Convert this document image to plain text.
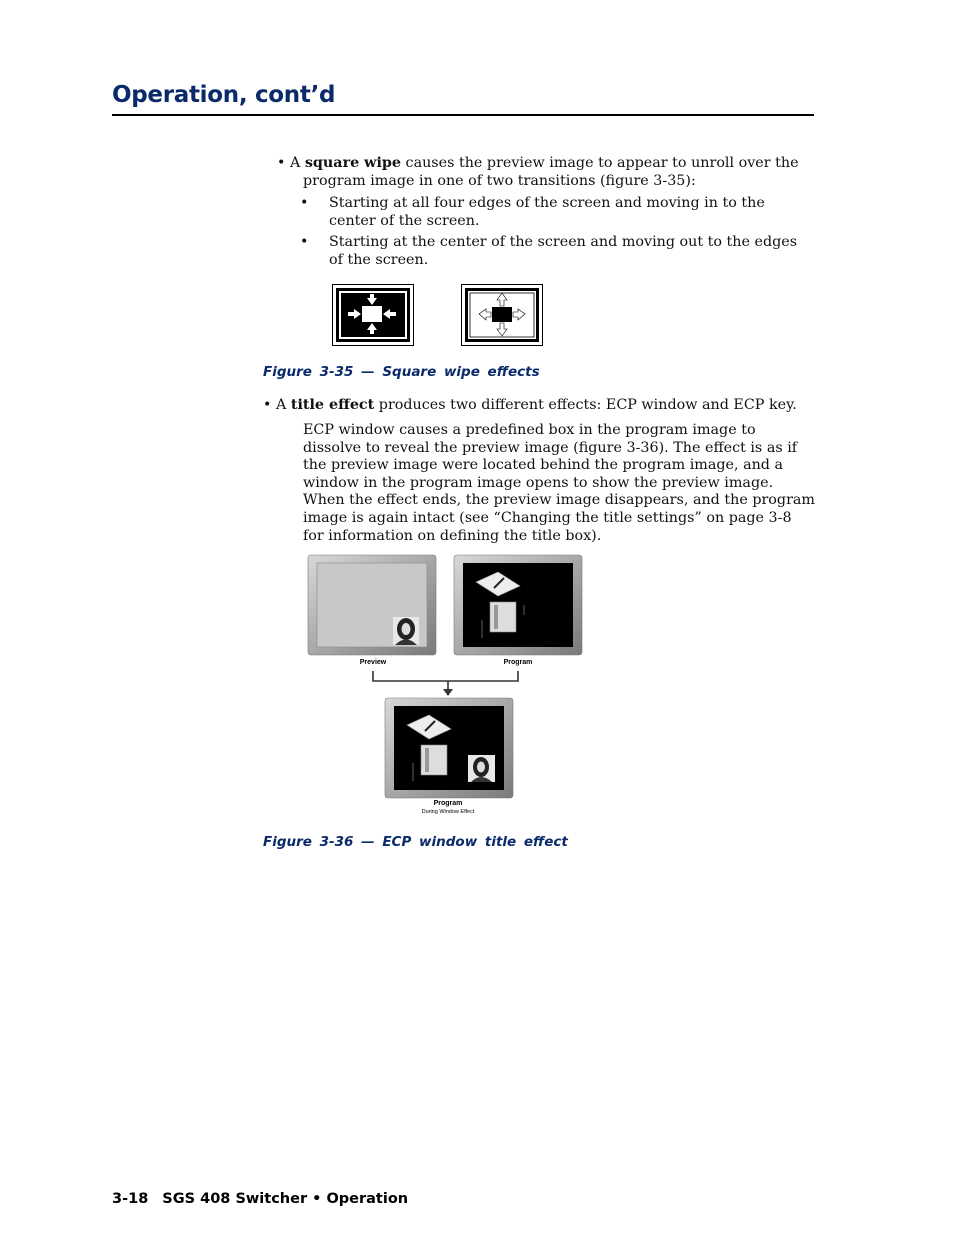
Operation, cont’d
• A square wipe causes the preview image to appear to unroll over the program image in one of two transitions (figure 3-35):
• Starting at all four edges of the screen and moving in to the center of the screen.
• Starting at the center of the screen and moving out to the edges of the screen.

Figure 3-35 — Square wipe effects

• A title effect produces two different effects: ECP window and ECP key.

ECP window causes a predefined box in the program image to dissolve to reveal the preview image (figure 3-36). The effect is as if the preview image were located behind the program image, and a window in the program image opens to show the preview image. When the effect ends, the preview image disappears, and the program image is again intact (see “Changing the title settings” on page 3-8 for information on defining the title box).

Preview	Program
Program
During Window Effect

Figure 3-36 — ECP window title effect

3-18 SGS 408 Switcher • Operation
